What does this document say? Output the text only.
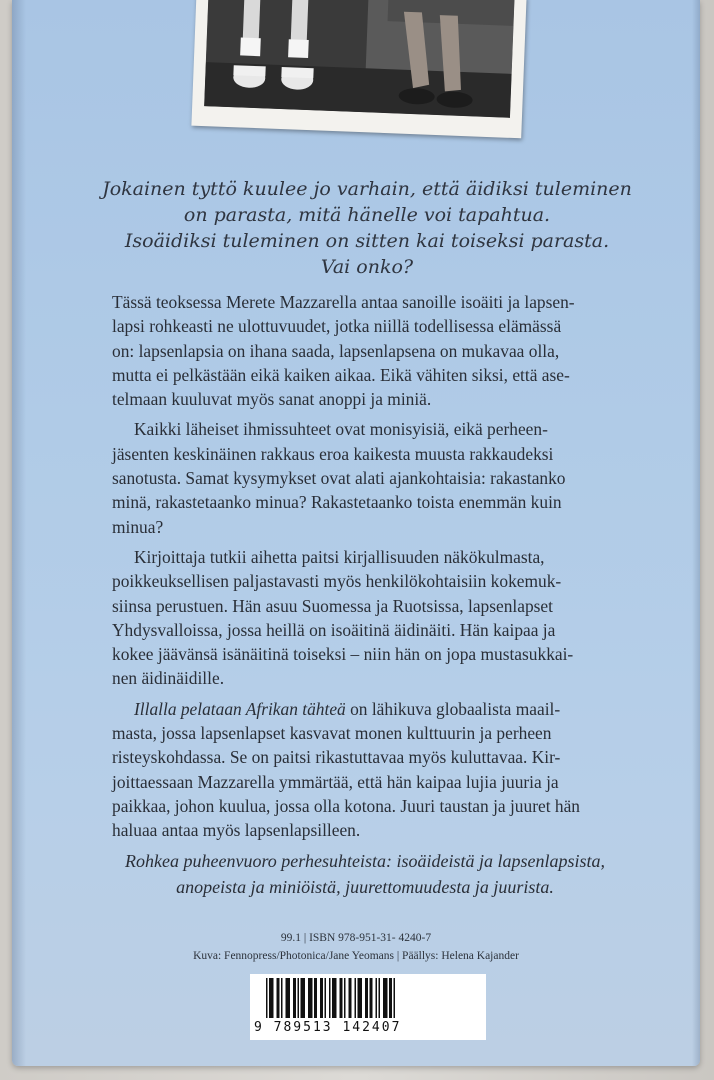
Jokainen tyttö kuulee jo varhain, että äidiksi tuleminen
on parasta, mitä hänelle voi tapahtua.
Isoäidiksi tuleminen on sitten kai toiseksi parasta.
Vai onko?

Tässä teoksessa Merete Mazzarella antaa sanoille isoäiti ja lapsen-
lapsi rohkeasti ne ulottuvuudet, jotka niillä todellisessa elämässä
on: lapsenlapsia on ihana saada, lapsenlapsena on mukavaa olla,
mutta ei pelkästään eikä kaiken aikaa. Eikä vähiten siksi, että ase-
telmaan kuuluvat myös sanat anoppi ja miniä.

Kaikki läheiset ihmissuhteet ovat monisyisiä, eikä perheen-
jäsenten keskinäinen rakkaus eroa kaikesta muusta rakkaudeksi
sanotusta. Samat kysymykset ovat alati ajankohtaisia: rakastanko
minä, rakastetaanko minua? Rakastetaanko toista enemmän kuin
minua?

Kirjoittaja tutkii aihetta paitsi kirjallisuuden näkökulmasta,
poikkeuksellisen paljastavasti myös henkilökohtaisiin kokemuk-
siinsa perustuen. Hän asuu Suomessa ja Ruotsissa, lapsenlapset
Yhdysvalloissa, jossa heillä on isoäitinä äidinäiti. Hän kaipaa ja
kokee jäävänsä isänäitinä toiseksi – niin hän on jopa mustasukkai-
nen äidinäidille.

Illalla pelataan Afrikan tähteä on lähikuva globaalista maail-
masta, jossa lapsenlapset kasvavat monen kulttuurin ja perheen
risteyskohdassa. Se on paitsi rikastuttavaa myös kuluttavaa. Kir-
joittaessaan Mazzarella ymmärtää, että hän kaipaa lujia juuria ja
paikkaa, johon kuulua, jossa olla kotona. Juuri taustan ja juuret hän
haluaa antaa myös lapsenlapsilleen.

Rohkea puheenvuoro perhesuhteista: isoäideistä ja lapsenlapsista,
anopeista ja miniöistä, juurettomuudesta ja juurista.
99.1 | ISBN 978-951-31- 4240-7
Kuva: Fennopress/Photonica/Jane Yeomans | Päällys: Helena Kajander
9 789513 142407
